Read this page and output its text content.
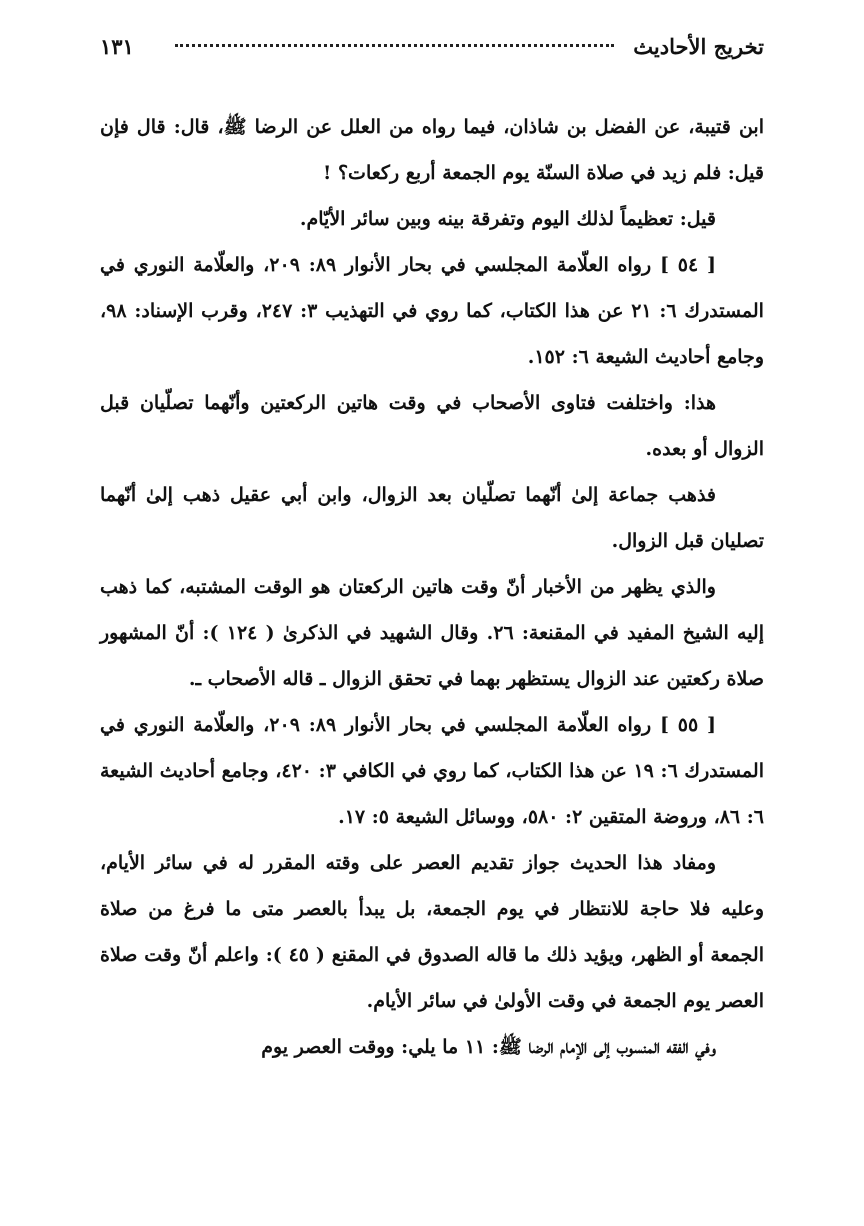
تخريج الأحاديث
١٣١

ابن قتيبة، عن الفضل بن شاذان، فيما رواه من العلل عن الرضا ﷺ، قال: قال فإن قيل: فلم زيد في صلاة السنّة يوم الجمعة أربع ركعات؟ !

قيل: تعظيماً لذلك اليوم وتفرقة بينه وبين سائر الأيّام.

[ ٥٤ ] رواه العلّامة المجلسي في بحار الأنوار ٨٩: ٢٠٩، والعلّامة النوري في المستدرك ٦: ٢١ عن هذا الكتاب، كما روي في التهذيب ٣: ٢٤٧، وقرب الإسناد: ٩٨، وجامع أحاديث الشيعة ٦: ١٥٢.

هذا: واختلفت فتاوى الأصحاب في وقت هاتين الركعتين وأنّهما تصلّيان قبل الزوال أو بعده.

فذهب جماعة إلىٰ أنّهما تصلّيان بعد الزوال، وابن أبي عقيل ذهب إلىٰ أنّهما تصليان قبل الزوال.

والذي يظهر من الأخبار أنّ وقت هاتين الركعتان هو الوقت المشتبه، كما ذهب إليه الشيخ المفيد في المقنعة: ٢٦. وقال الشهيد في الذكرىٰ ( ١٢٤ ): أنّ المشهور صلاة ركعتين عند الزوال يستظهر بهما في تحقق الزوال ـ قاله الأصحاب ـ.

[ ٥٥ ] رواه العلّامة المجلسي في بحار الأنوار ٨٩: ٢٠٩، والعلّامة النوري في المستدرك ٦: ١٩ عن هذا الكتاب، كما روي في الكافي ٣: ٤٢٠، وجامع أحاديث الشيعة ٦: ٨٦، وروضة المتقين ٢: ٥٨٠، ووسائل الشيعة ٥: ١٧.

ومفاد هذا الحديث جواز تقديم العصر على وقته المقرر له في سائر الأيام، وعليه فلا حاجة للانتظار في يوم الجمعة، بل يبدأ بالعصر متى ما فرغ من صلاة الجمعة أو الظهر، ويؤيد ذلك ما قاله الصدوق في المقنع ( ٤٥ ): واعلم أنّ وقت صلاة العصر يوم الجمعة في وقت الأولىٰ في سائر الأيام.

وفي الفقه المنسوب إلى الإمام الرضا ﷺ: ١١ ما يلي: ووقت العصر يوم
